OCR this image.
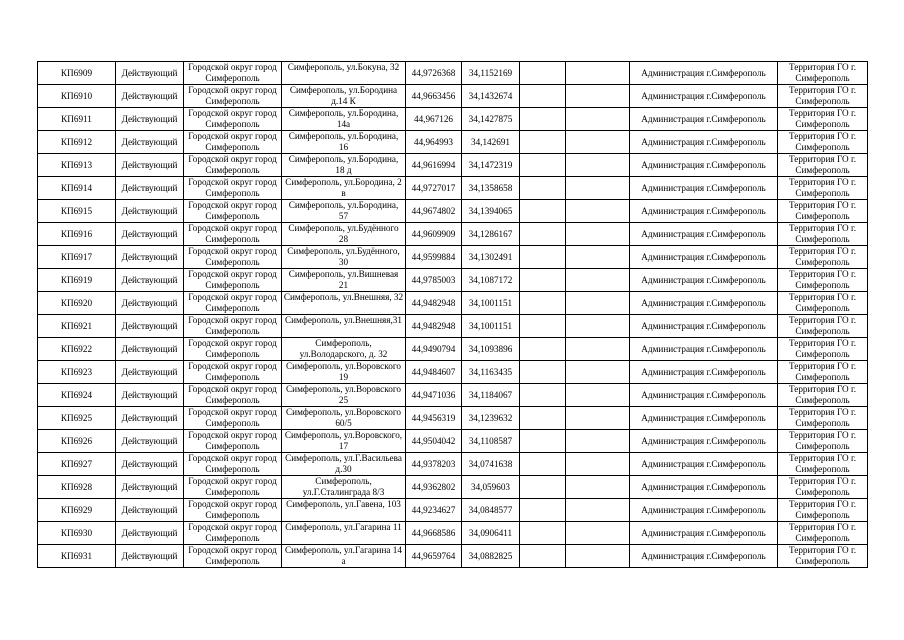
КП6909	Действующий	Городской округ город Симферополь	Симферополь, ул.Бокуна, 32	44,9726368	34,1152169			Администрация г.Симферополь	Территория ГО г. Симферополь
КП6910	Действующий	Городской округ город Симферополь	Симферополь, ул.Бородина д.14 К	44,9663456	34,1432674			Администрация г.Симферополь	Территория ГО г. Симферополь
КП6911	Действующий	Городской округ город Симферополь	Симферополь, ул.Бородина, 14а	44,967126	34,1427875			Администрация г.Симферополь	Территория ГО г. Симферополь
КП6912	Действующий	Городской округ город Симферополь	Симферополь, ул.Бородина, 16	44,964993	34,142691			Администрация г.Симферополь	Территория ГО г. Симферополь
КП6913	Действующий	Городской округ город Симферополь	Симферополь, ул.Бородина, 18 д	44,9616994	34,1472319			Администрация г.Симферополь	Территория ГО г. Симферополь
КП6914	Действующий	Городской округ город Симферополь	Симферополь, ул.Бородина, 2 в	44,9727017	34,1358658			Администрация г.Симферополь	Территория ГО г. Симферополь
КП6915	Действующий	Городской округ город Симферополь	Симферополь, ул.Бородина, 57	44,9674802	34,1394065			Администрация г.Симферополь	Территория ГО г. Симферополь
КП6916	Действующий	Городской округ город Симферополь	Симферополь, ул.Будённого 28	44,9609909	34,1286167			Администрация г.Симферополь	Территория ГО г. Симферополь
КП6917	Действующий	Городской округ город Симферополь	Симферополь, ул.Будённого, 30	44,9599884	34,1302491			Администрация г.Симферополь	Территория ГО г. Симферополь
КП6919	Действующий	Городской округ город Симферополь	Симферополь, ул.Вишневая 21	44,9785003	34,1087172			Администрация г.Симферополь	Территория ГО г. Симферополь
КП6920	Действующий	Городской округ город Симферополь	Симферополь, ул.Внешняя, 32	44,9482948	34,1001151			Администрация г.Симферополь	Территория ГО г. Симферополь
КП6921	Действующий	Городской округ город Симферополь	Симферополь, ул.Внешняя,31	44,9482948	34,1001151			Администрация г.Симферополь	Территория ГО г. Симферополь
КП6922	Действующий	Городской округ город Симферополь	Симферополь, ул.Володарского, д. 32	44,9490794	34,1093896			Администрация г.Симферополь	Территория ГО г. Симферополь
КП6923	Действующий	Городской округ город Симферополь	Симферополь, ул.Воровского 19	44,9484607	34,1163435			Администрация г.Симферополь	Территория ГО г. Симферополь
КП6924	Действующий	Городской округ город Симферополь	Симферополь, ул.Воровского 25	44,9471036	34,1184067			Администрация г.Симферополь	Территория ГО г. Симферополь
КП6925	Действующий	Городской округ город Симферополь	Симферополь, ул.Воровского 60/5	44,9456319	34,1239632			Администрация г.Симферополь	Территория ГО г. Симферополь
КП6926	Действующий	Городской округ город Симферополь	Симферополь, ул.Воровского, 17	44,9504042	34,1108587			Администрация г.Симферополь	Территория ГО г. Симферополь
КП6927	Действующий	Городской округ город Симферополь	Симферополь, ул.Г.Васильева д.30	44,9378203	34,0741638			Администрация г.Симферополь	Территория ГО г. Симферополь
КП6928	Действующий	Городской округ город Симферополь	Симферополь, ул.Г.Сталинграда 8/3	44,9362802	34,059603			Администрация г.Симферополь	Территория ГО г. Симферополь
КП6929	Действующий	Городской округ город Симферополь	Симферополь, ул.Гавена, 103	44,9234627	34,0848577			Администрация г.Симферополь	Территория ГО г. Симферополь
КП6930	Действующий	Городской округ город Симферополь	Симферополь, ул.Гагарина 11	44,9668586	34,0906411			Администрация г.Симферополь	Территория ГО г. Симферополь
КП6931	Действующий	Городской округ город Симферополь	Симферополь, ул.Гагарина 14 а	44,9659764	34,0882825			Администрация г.Симферополь	Территория ГО г. Симферополь
